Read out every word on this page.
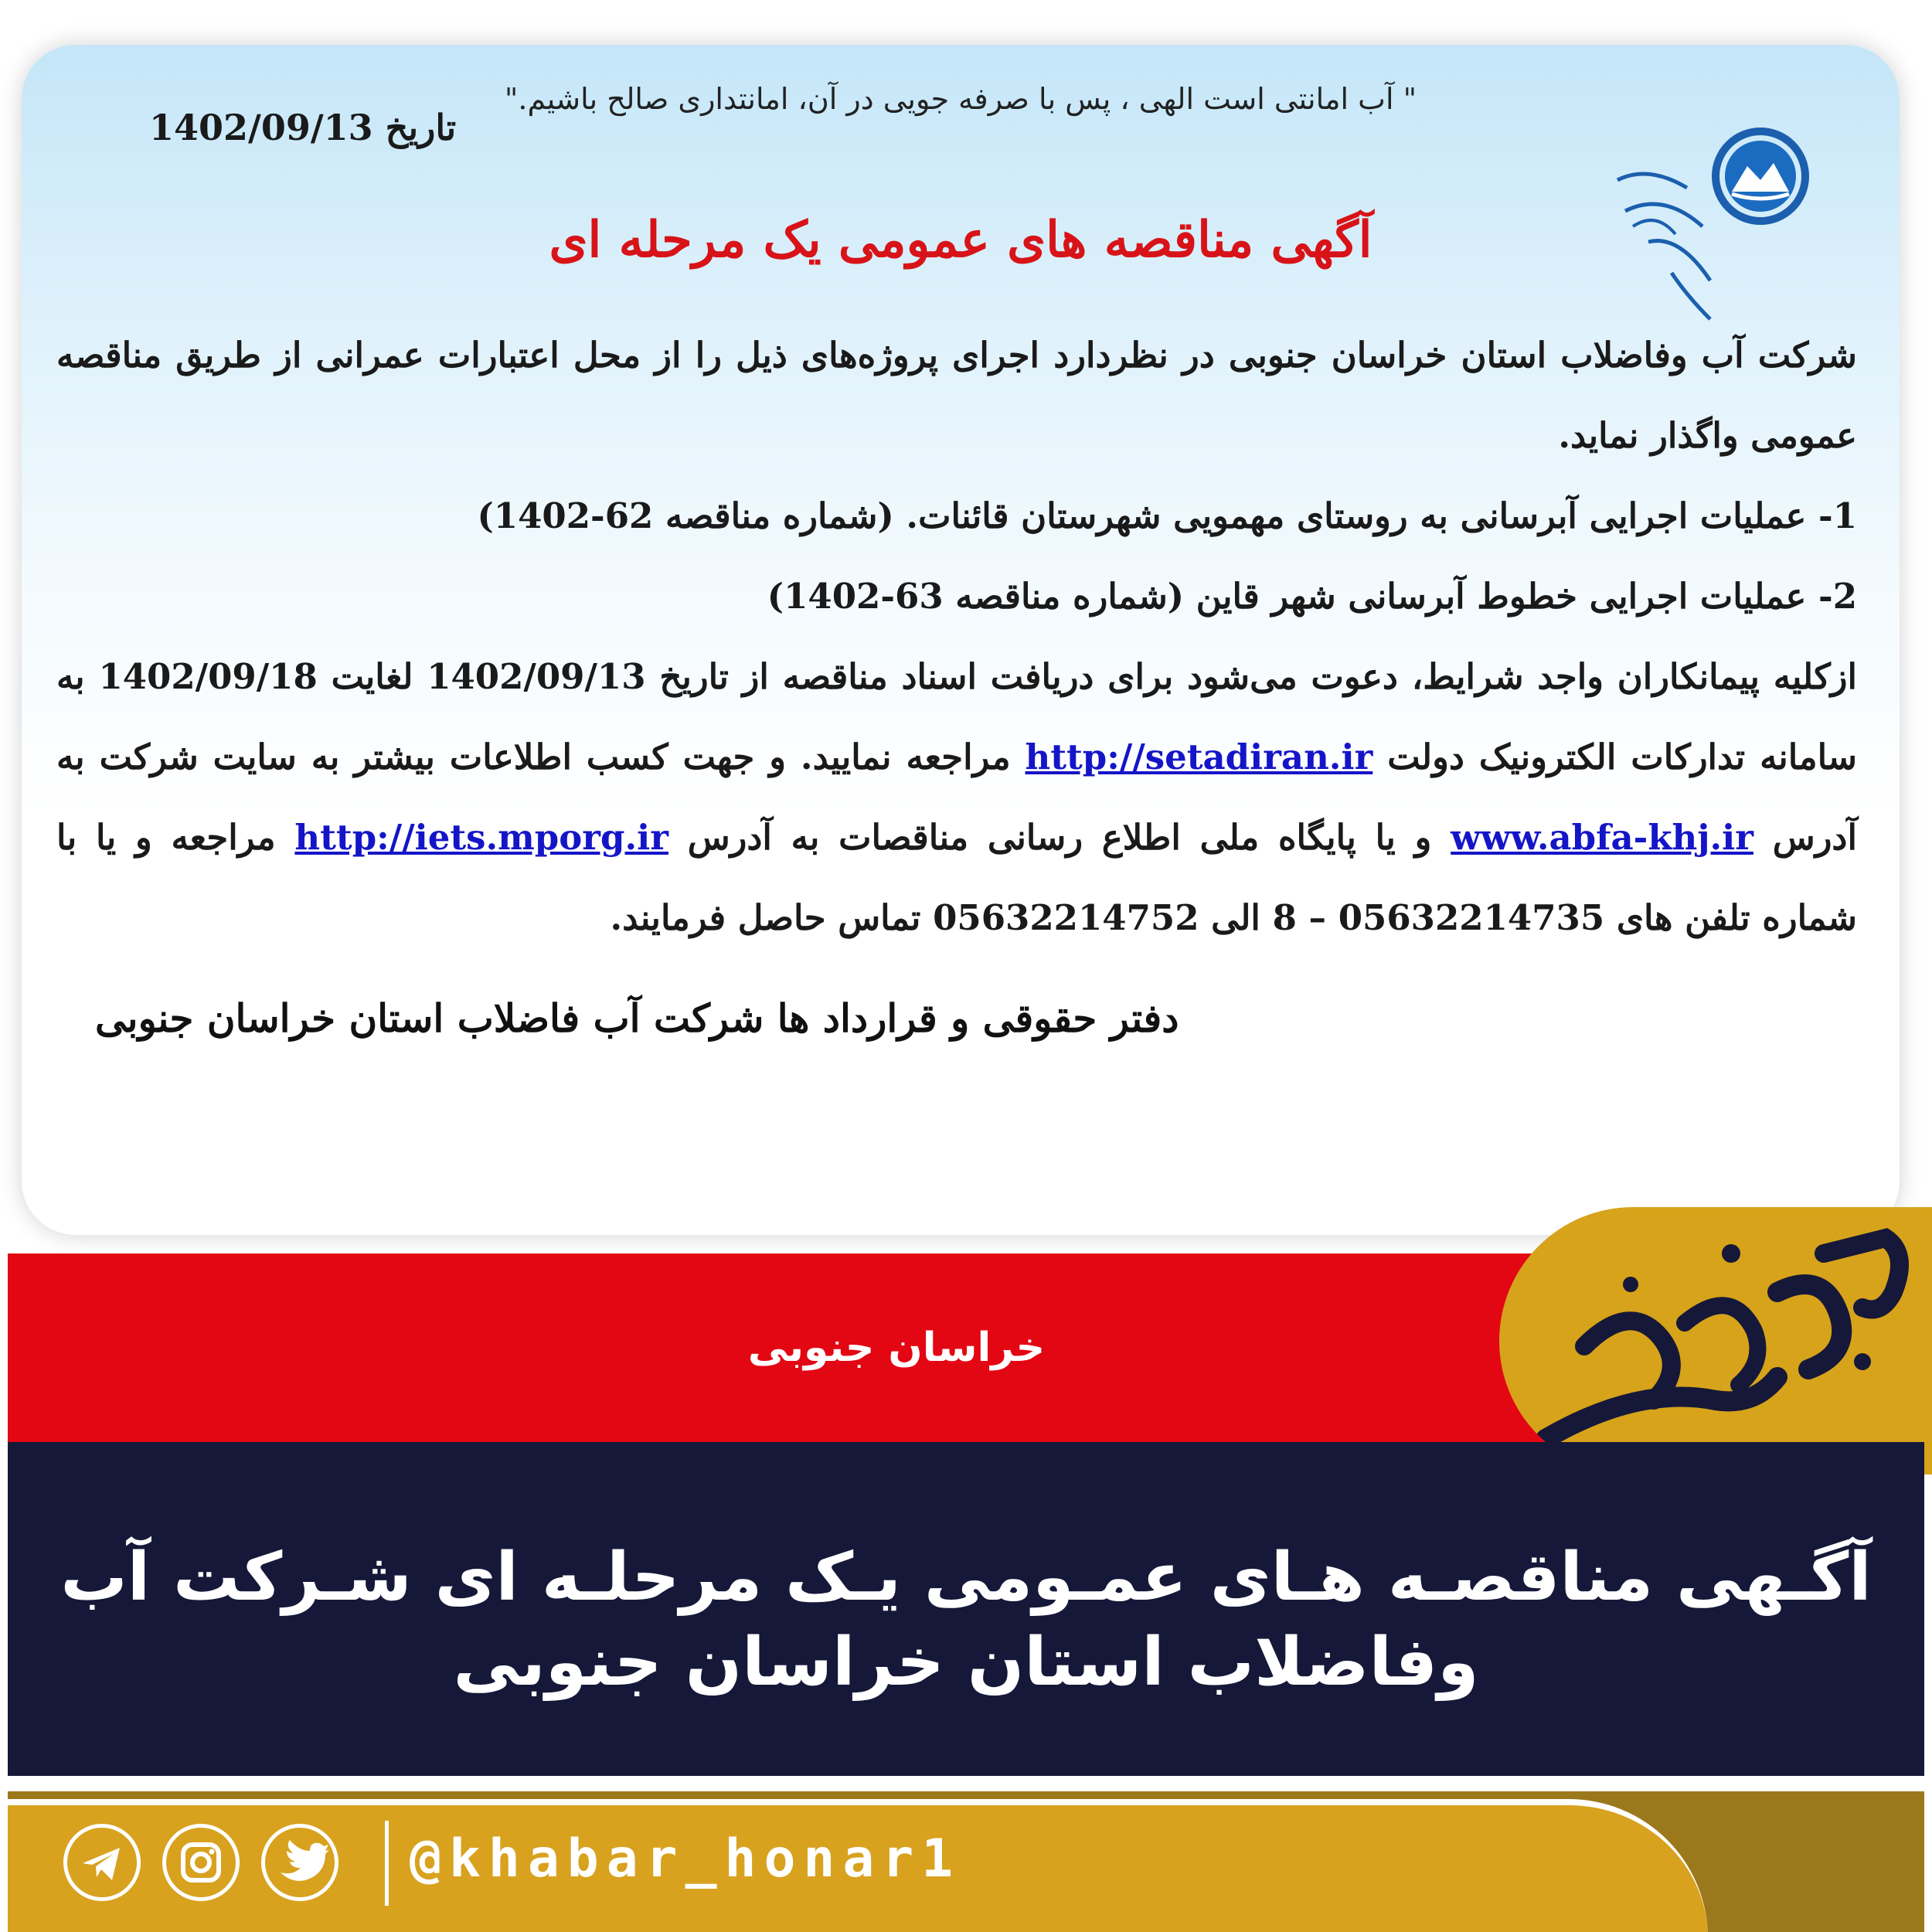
" آب امانتی است الهی ، پس با صرفه جویی در آن، امانتداری صالح باشیم."
تاریخ 1402/09/13
آگهی مناقصه های عمومی یک مرحله ای

شرکت آب وفاضلاب استان خراسان جنوبی در نظردارد اجرای پروژه‌های ذیل را از محل اعتبارات عمرانی از طریق مناقصه عمومی واگذار نماید.

1- عملیات اجرایی آبرسانی به روستای مهمویی شهرستان قائنات. (شماره مناقصه 62-1402)

2- عملیات اجرایی خطوط آبرسانی شهر قاین (شماره مناقصه 63-1402)

ازکلیه پیمانکاران واجد شرایط، دعوت می‌شود برای دریافت اسناد مناقصه از تاریخ 1402/09/13 لغایت 1402/09/18 به سامانه تدارکات الکترونیک دولت http://setadiran.ir مراجعه نمایید. و جهت کسب اطلاعات بیشتر به سایت شرکت به آدرس www.abfa-khj.ir و یا پایگاه ملی اطلاع رسانی مناقصات به آدرس http://iets.mporg.ir مراجعه و یا با شماره تلفن های 05632214735 – 8 الی 05632214752 تماس حاصل فرمایند.

دفتر حقوقی و قرارداد ها شرکت آب فاضلاب استان خراسان جنوبی
خراسان جنوبی
آگـهی مناقصـه هـای عمـومی یـک مرحلـه ای شـرکت آب وفاضلاب استان خراسان جنوبی
@khabar_honar1
